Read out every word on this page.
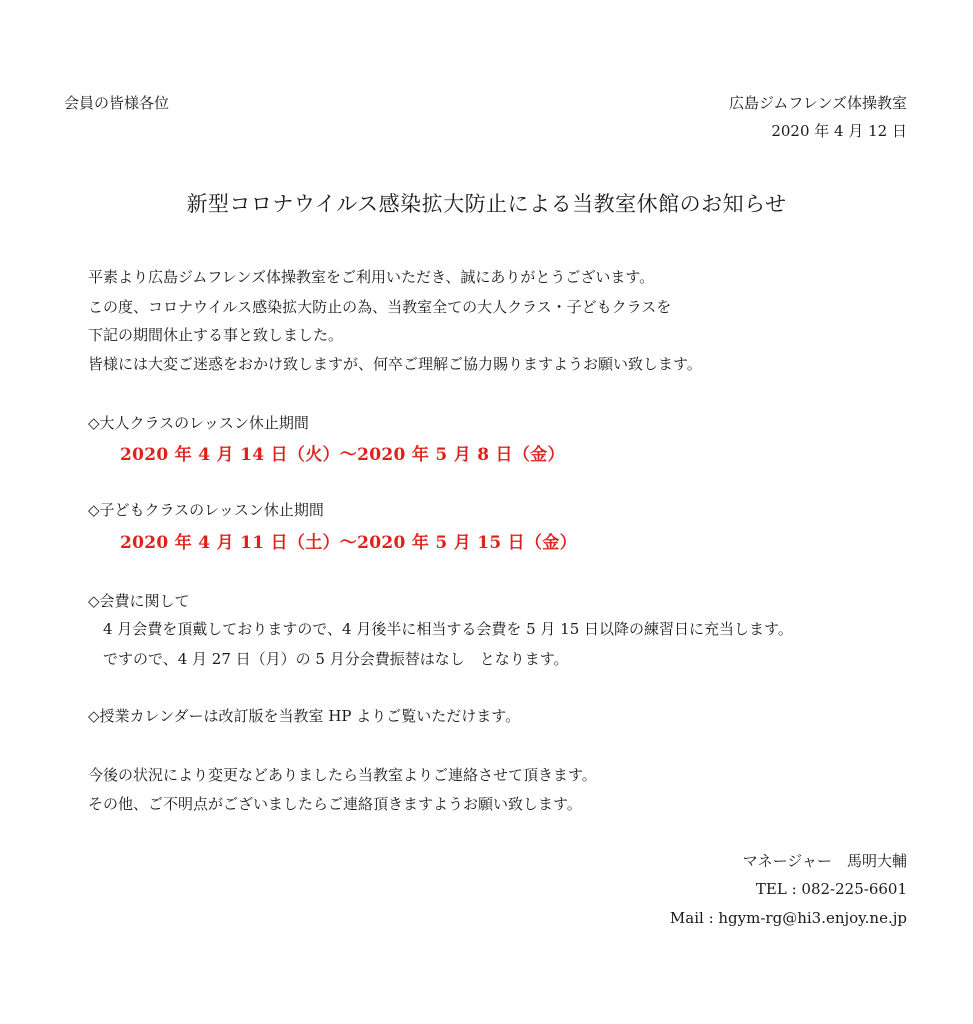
会員の皆様各位	広島ジムフレンズ体操教室
2020 年 4 月 12 日
新型コロナウイルス感染拡大防止による当教室休館のお知らせ
平素より広島ジムフレンズ体操教室をご利用いただき、誠にありがとうございます。
この度、コロナウイルス感染拡大防止の為、当教室全ての大人クラス・子どもクラスを
下記の期間休止する事と致しました。
皆様には大変ご迷惑をおかけ致しますが、何卒ご理解ご協力賜りますようお願い致します。
◇大人クラスのレッスン休止期間
2020 年 4 月 14 日（火）～2020 年 5 月 8 日（金）
◇子どもクラスのレッスン休止期間
2020 年 4 月 11 日（土）～2020 年 5 月 15 日（金）
◇会費に関して
4 月会費を頂戴しておりますので、4 月後半に相当する会費を 5 月 15 日以降の練習日に充当します。
ですので、4 月 27 日（月）の 5 月分会費振替はなし　となります。
◇授業カレンダーは改訂版を当教室 HP よりご覧いただけます。
今後の状況により変更などありましたら当教室よりご連絡させて頂きます。
その他、ご不明点がございましたらご連絡頂きますようお願い致します。
マネージャー　馬明大輔
TEL : 082-225-6601
Mail : hgym-rg@hi3.enjoy.ne.jp
